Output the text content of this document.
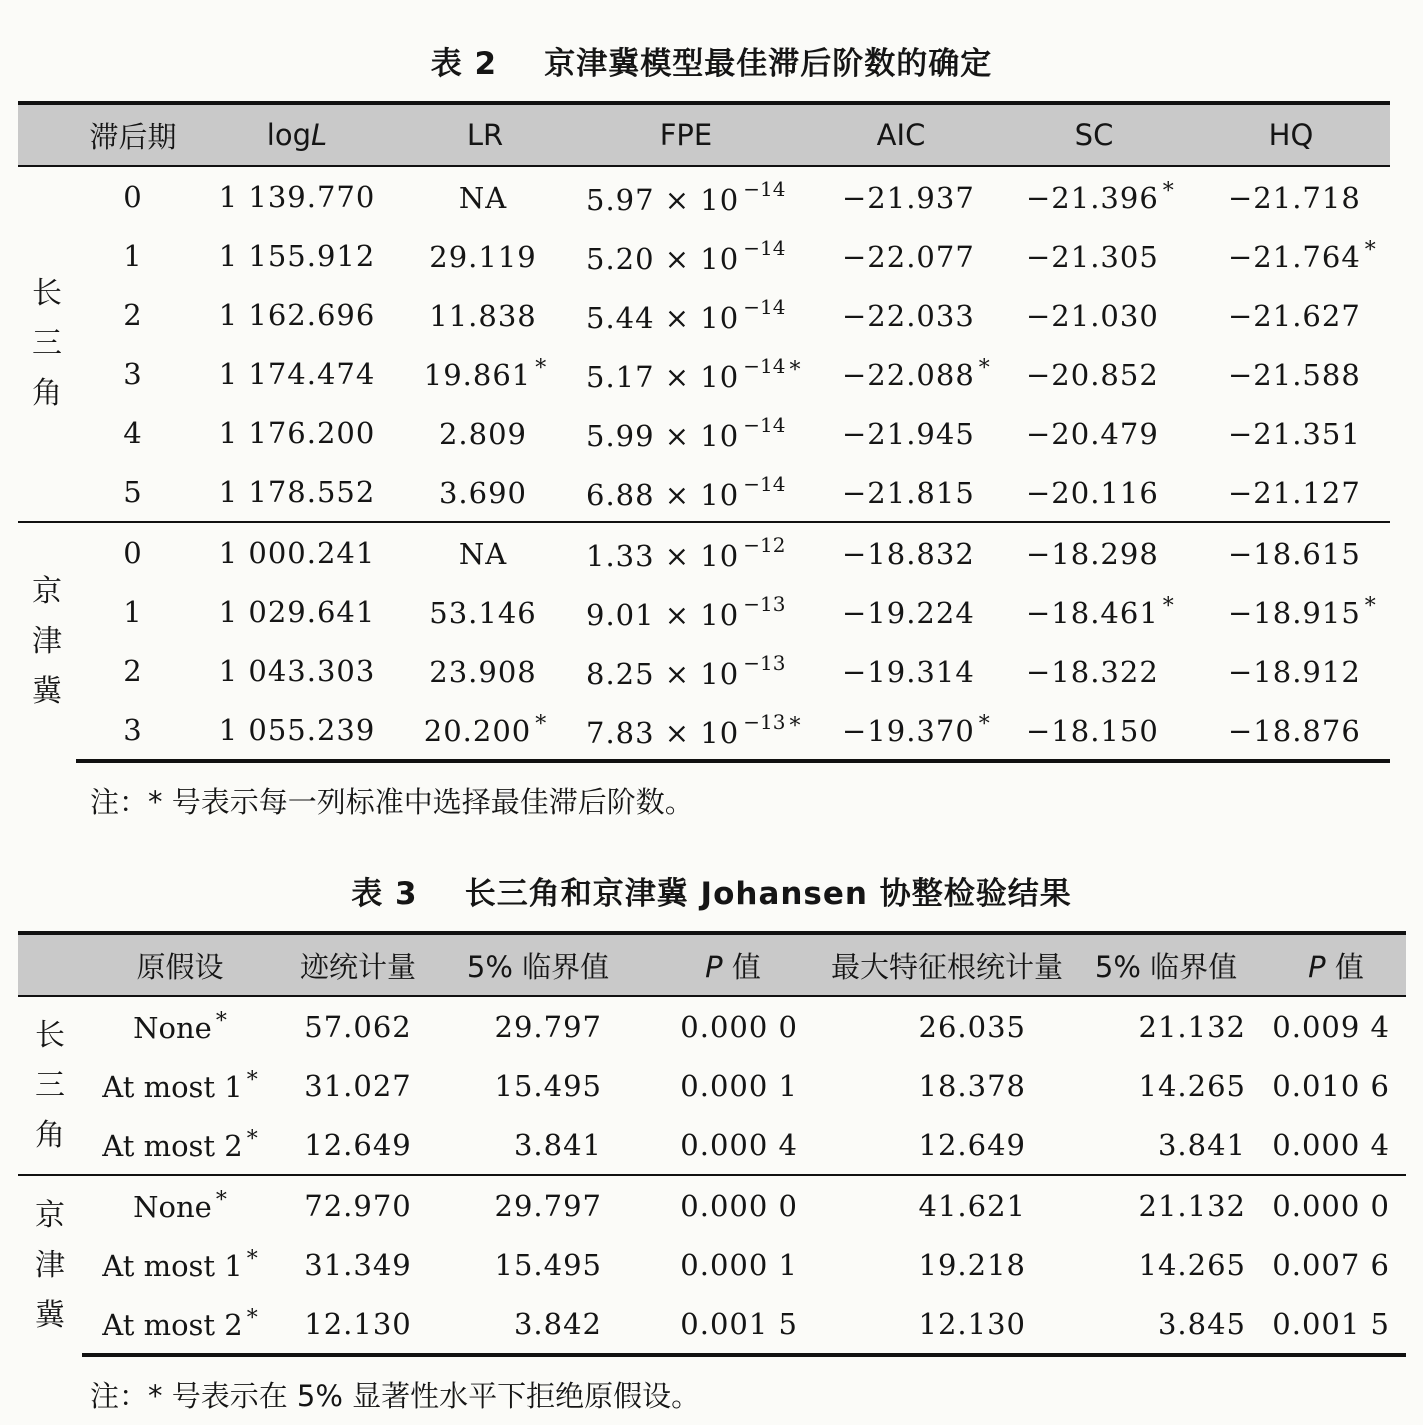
表 2    京津冀模型最佳滞后阶数的确定
	滞后期	logL	LR	FPE	AIC	SC	HQ

长
三
角	0	1 139.770	NA	5.97 × 10 $^{-14}$	−21.937	−21.396 *	−21.718
	1	1 155.912	29.119	5.20 × 10 $^{-14}$	−22.077	−21.305	−21.764 *
	2	1 162.696	11.838	5.44 × 10 $^{-14}$	−22.033	−21.030	−21.627
	3	1 174.474	19.861 *	5.17 × 10 $^{-14}$ *	−22.088 *	−20.852	−21.588
	4	1 176.200	2.809	5.99 × 10 $^{-14}$	−21.945	−20.479	−21.351
	5	1 178.552	3.690	6.88 × 10 $^{-14}$	−21.815	−20.116	−21.127

京
津
冀	0	1 000.241	NA	1.33 × 10 $^{-12}$	−18.832	−18.298	−18.615
	1	1 029.641	53.146	9.01 × 10 $^{-13}$	−19.224	−18.461 *	−18.915 *
	2	1 043.303	23.908	8.25 × 10 $^{-13}$	−19.314	−18.322	−18.912
	3	1 055.239	20.200 *	7.83 × 10 $^{-13}$ *	−19.370 *	−18.150	−18.876
注：* 号表示每一列标准中选择最佳滞后阶数。
表 3    长三角和京津冀 Johansen 协整检验结果
	原假设	迹统计量	5% 临界值	P 值	最大特征根统计量	5% 临界值	P 值

长
三
角	None *	57.062	29.797	0.000 0	26.035	21.132	0.009 4
	At most 1 *	31.027	15.495	0.000 1	18.378	14.265	0.010 6
	At most 2 *	12.649	3.841	0.000 4	12.649	3.841	0.000 4

京
津
冀	None *	72.970	29.797	0.000 0	41.621	21.132	0.000 0
	At most 1 *	31.349	15.495	0.000 1	19.218	14.265	0.007 6
	At most 2 *	12.130	3.842	0.001 5	12.130	3.845	0.001 5
注：* 号表示在 5% 显著性水平下拒绝原假设。
